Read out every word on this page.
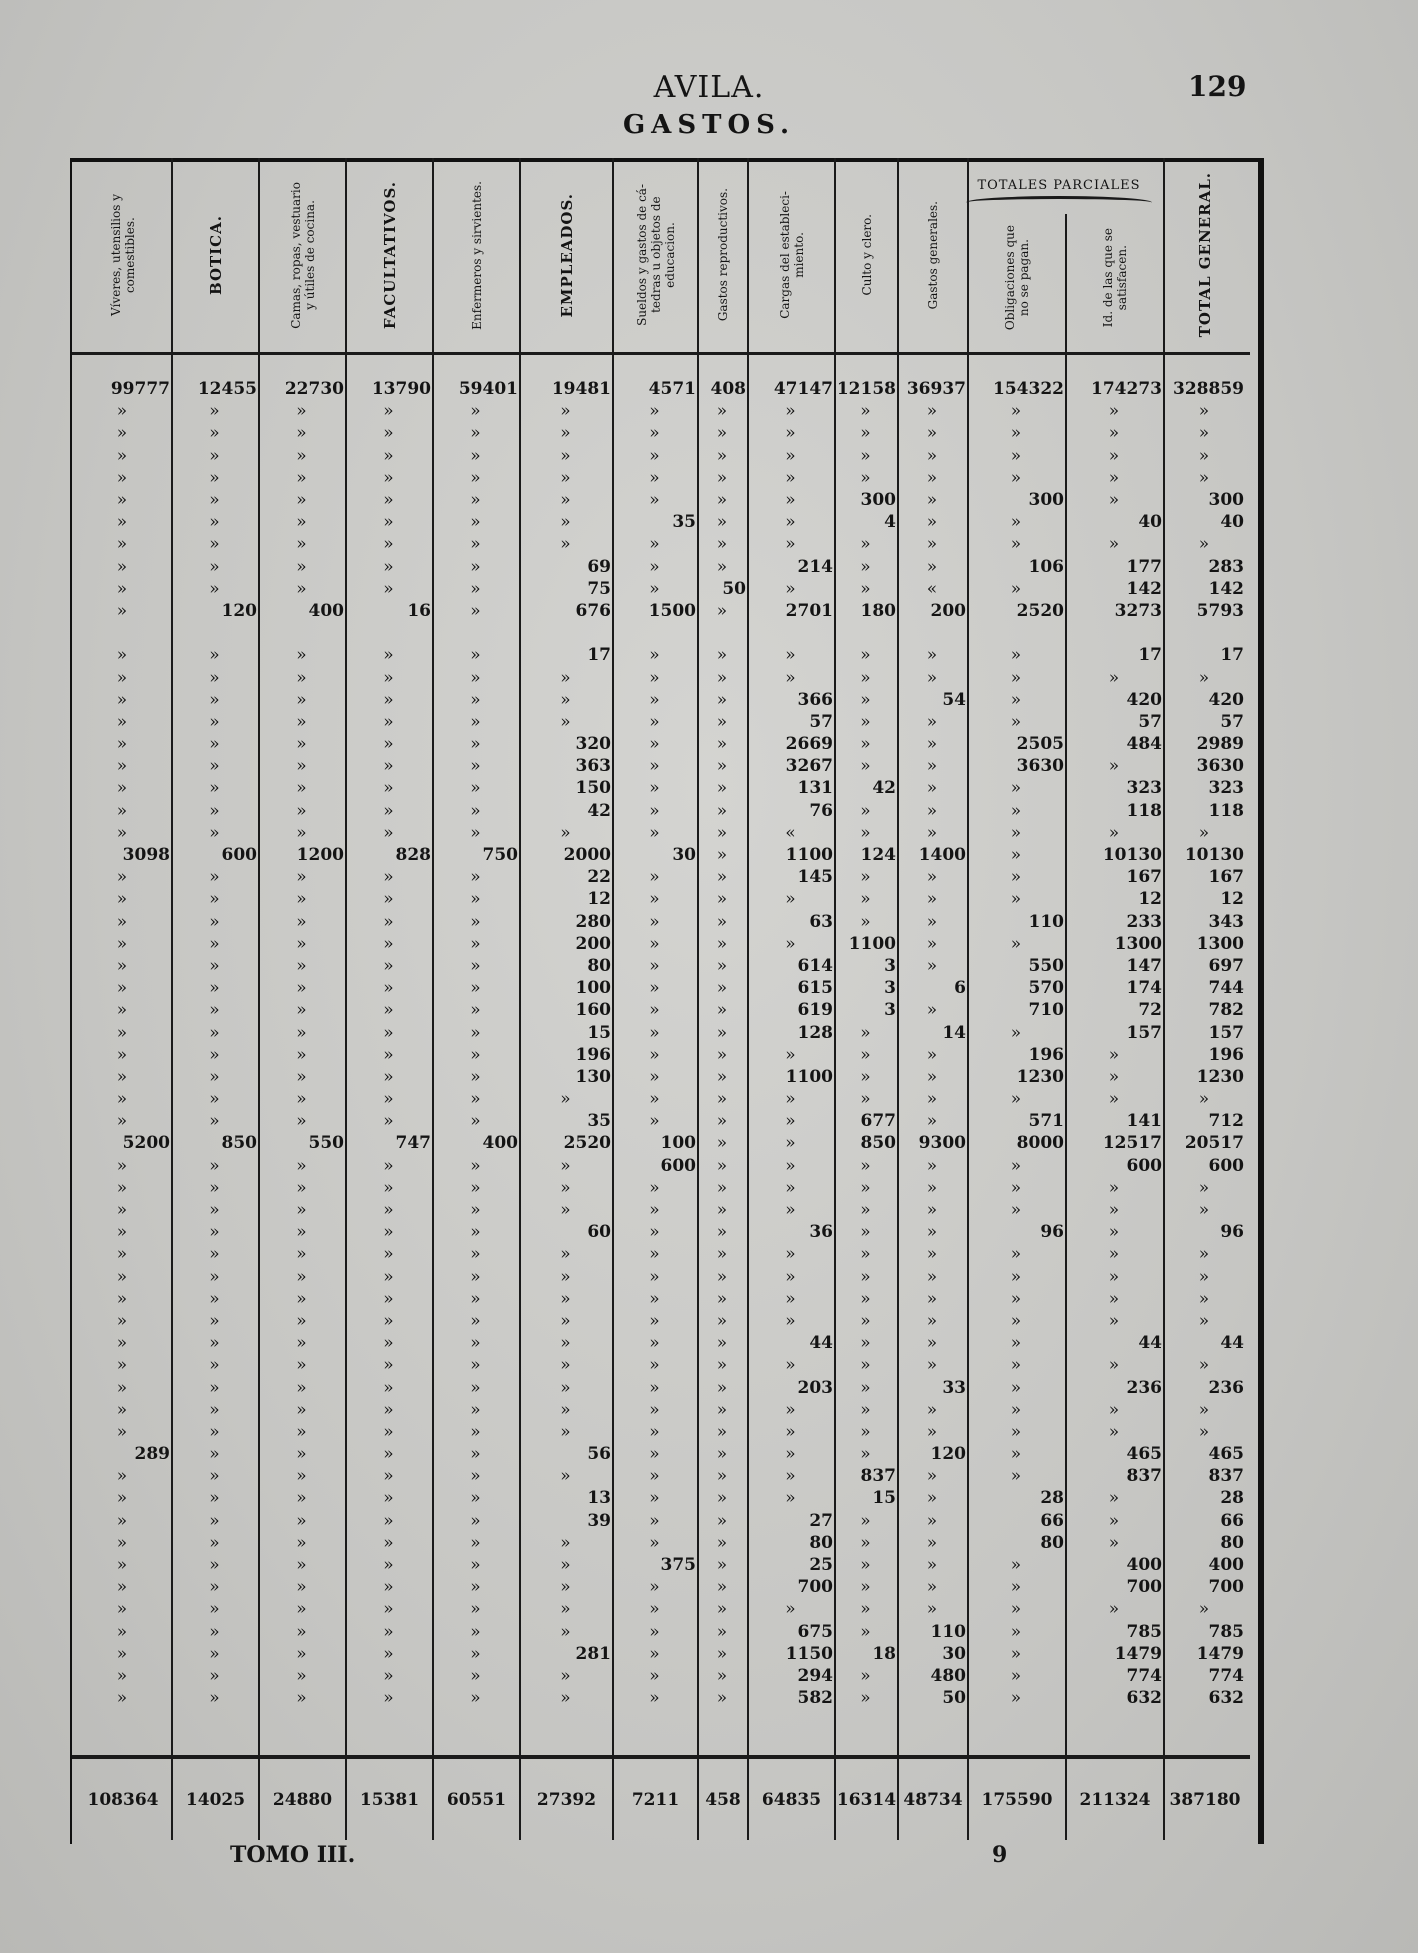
AVILA.	129
GASTOS.
Víveres, utensilios y
comestibles.	BOTICA.
Camas, ropas, vestuario
y útiles de cocina.	FACULTATIVOS.	Enfermeros y sirvientes.	EMPLEADOS.	Sueldos y gastos de cá-
tedras u objetos de
educacion.	Gastos reproductivos.	Cargas del estableci-
miento.	Culto y clero.	Gastos generales.	Obligaciones que
no se pagan.
Id. de las que se
satisfacen.	TOTAL GENERAL.
TOTALES PARCIALES
99777	12455	22730	13790	59401	19481	4571	408	47147	12158	36937	154322	174273	328859
»	»	»	»	»	»	»	»	»	»	»	»	»	»
»	»	»	»	»	»	»	»	»	»	»	»	»	»
»	»	»	»	»	»	»	»	»	»	»	»	»	»
»	»	»	»	»	»	»	»	»	»	»	»	»	»
»	»	»	»	»	»	»	»	»	300	»	300	»	300
»	»	»	»	»	»	35	»	»	4	»	»	40	40
»	»	»	»	»	»	»	»	»	»	»	»	»	»
»	»	»	»	»	69	»	»	214	»	»	106	177	283
»	»	»	»	»	75	»	50	»	»	«	»	142	142
»	120	400	16	»	676	1500	»	2701	180	200	2520	3273	5793

»	»	»	»	»	17	»	»	»	»	»	»	17	17
»	»	»	»	»	»	»	»	»	»	»	»	»	»
»	»	»	»	»	»	»	»	366	»	54	»	420	420
»	»	»	»	»	»	»	»	57	»	»	»	57	57
»	»	»	»	»	320	»	»	2669	»	»	2505	484	2989
»	»	»	»	»	363	»	»	3267	»	»	3630	»	3630
»	»	»	»	»	150	»	»	131	42	»	»	323	323
»	»	»	»	»	42	»	»	76	»	»	»	118	118
»	»	»	»	»	»	»	»	«	»	»	»	»	»
3098	600	1200	828	750	2000	30	»	1100	124	1400	»	10130	10130
»	»	»	»	»	22	»	»	145	»	»	»	167	167
»	»	»	»	»	12	»	»	»	»	»	»	12	12
»	»	»	»	»	280	»	»	63	»	»	110	233	343
»	»	»	»	»	200	»	»	»	1100	»	»	1300	1300
»	»	»	»	»	80	»	»	614	3	»	550	147	697
»	»	»	»	»	100	»	»	615	3	6	570	174	744
»	»	»	»	»	160	»	»	619	3	»	710	72	782
»	»	»	»	»	15	»	»	128	»	14	»	157	157
»	»	»	»	»	196	»	»	»	»	»	196	»	196
»	»	»	»	»	130	»	»	1100	»	»	1230	»	1230
»	»	»	»	»	»	»	»	»	»	»	»	»	»
»	»	»	»	»	35	»	»	»	677	»	571	141	712
5200	850	550	747	400	2520	100	»	»	850	9300	8000	12517	20517
»	»	»	»	»	»	600	»	»	»	»	»	600	600
»	»	»	»	»	»	»	»	»	»	»	»	»	»
»	»	»	»	»	»	»	»	»	»	»	»	»	»
»	»	»	»	»	60	»	»	36	»	»	96	»	96
»	»	»	»	»	»	»	»	»	»	»	»	»	»
»	»	»	»	»	»	»	»	»	»	»	»	»	»
»	»	»	»	»	»	»	»	»	»	»	»	»	»
»	»	»	»	»	»	»	»	»	»	»	»	»	»
»	»	»	»	»	»	»	»	44	»	»	»	44	44
»	»	»	»	»	»	»	»	»	»	»	»	»	»
»	»	»	»	»	»	»	»	203	»	33	»	236	236
»	»	»	»	»	»	»	»	»	»	»	»	»	»
»	»	»	»	»	»	»	»	»	»	»	»	»	»
289	»	»	»	»	56	»	»	»	»	120	»	465	465
»	»	»	»	»	»	»	»	»	837	»	»	837	837
»	»	»	»	»	13	»	»	»	15	»	28	»	28
»	»	»	»	»	39	»	»	27	»	»	66	»	66
»	»	»	»	»	»	»	»	80	»	»	80	»	80
»	»	»	»	»	»	375	»	25	»	»	»	400	400
»	»	»	»	»	»	»	»	700	»	»	»	700	700
»	»	»	»	»	»	»	»	»	»	»	»	»	»
»	»	»	»	»	»	»	»	675	»	110	»	785	785
»	»	»	»	»	281	»	»	1150	18	30	»	1479	1479
»	»	»	»	»	»	»	»	294	»	480	»	774	774
»	»	»	»	»	»	»	»	582	»	50	»	632	632
108364	14025	24880	15381	60551	27392	7211	458	64835	16314	48734	175590	211324	387180
TOMO III.	9
